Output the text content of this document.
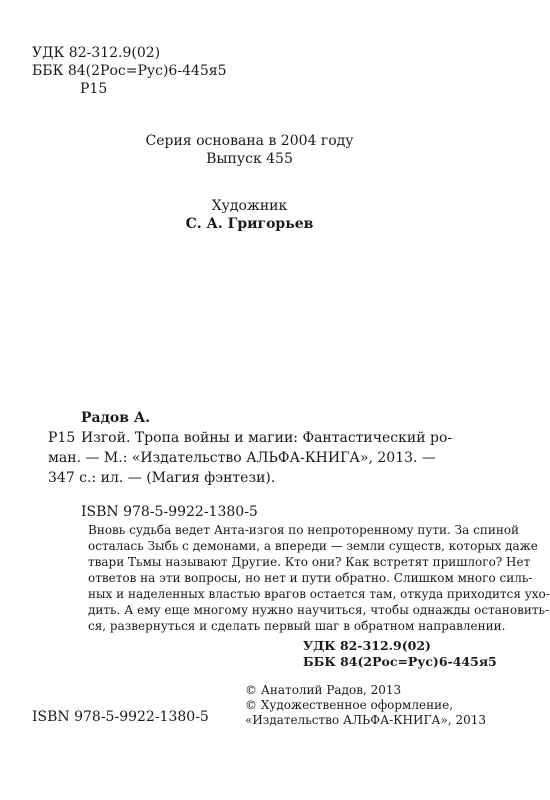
УДК 82-312.9(02)
ББК 84(2Рос=Рус)6-445я5
Р15
Серия основана в 2004 году
Выпуск 455
Художник
С. А. Григорьев
Радов А.
Р15 Изгой. Тропа войны и магии: Фантастический ро-
ман. — М.: «Издательство АЛЬФА-КНИГА», 2013. —
347 с.: ил. — (Магия фэнтези).
ISBN 978-5-9922-1380-5
Вновь судьба ведет Анта-изгоя по непроторенному пути. За спиной
осталась Зыбь с демонами, а впереди — земли существ, которых даже
твари Тьмы называют Другие. Кто они? Как встретят пришлого? Нет
ответов на эти вопросы, но нет и пути обратно. Слишком много силь-
ных и наделенных властью врагов остается там, откуда приходится ухо-
дить. А ему еще многому нужно научиться, чтобы однажды остановить-
ся, развернуться и сделать первый шаг в обратном направлении.
УДК 82-312.9(02)
ББК 84(2Рос=Рус)6-445я5
© Анатолий Радов, 2013
© Художественное оформление,
«Издательство АЛЬФА-КНИГА», 2013
ISBN 978-5-9922-1380-5
